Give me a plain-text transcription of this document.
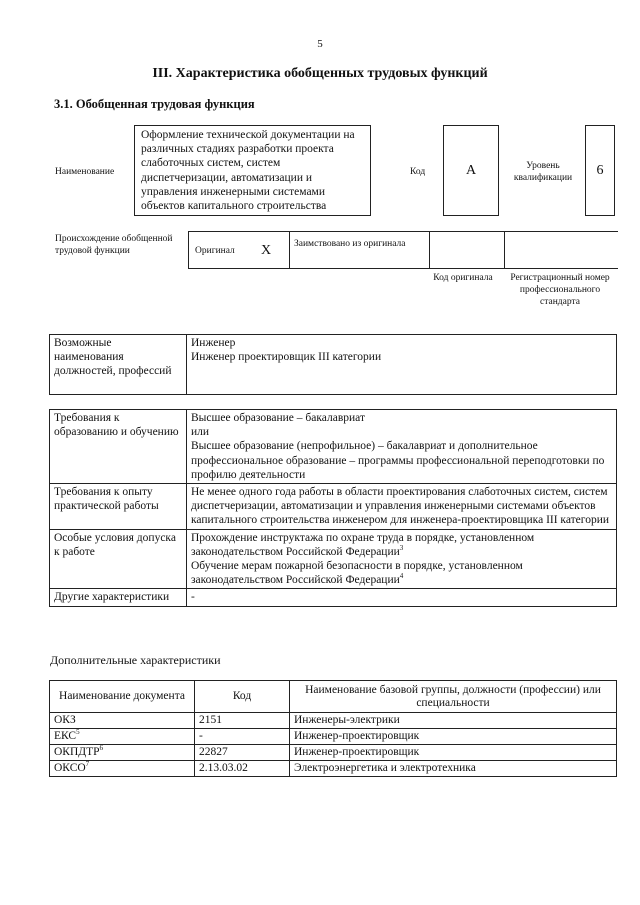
5
III. Характеристика обобщенных трудовых функций
3.1. Обобщенная трудовая функция
Наименование
Оформление технической документации на различных стадиях разработки проекта слаботочных систем, систем диспетчеризации, автоматизации и управления инженерными системами объектов капитального строительства
Код	A	Уровень квалификации
6
Происхождение обобщенной трудовой функции	Оригинал X Заимствовано из оригинала
Код оригинала	Регистрационный номер профессионального стандарта
Возможные наименования должностей, профессий	
Инженер
Инженер проектировщик III категории
Требования к образованию и обучению	Высшее образование – бакалавриат
или
Высшее образование (непрофильное) – бакалавриат и дополнительное профессиональное образование – программы профессиональной переподготовки по профилю деятельности

Требования к опыту практической работы	Не менее одного года работы в области проектирования слаботочных систем, систем диспетчеризации, автоматизации и управления инженерными системами объектов капитального строительства инженером для инженера-проектировщика III категории
Особые условия допуска к работе	Прохождение инструктажа по охране труда в порядке, установленном законодательством Российской Федерации$^3$
Обучение мерам пожарной безопасности в порядке, установленном законодательством Российской Федерации$^4$

Другие характеристики	-
Дополнительные характеристики
Наименование документа	Код	Наименование базовой группы, должности (профессии) или специальности
ОКЗ	2151	Инженеры-электрики
ЕКС$^5$	-	Инженер-проектировщик
ОКПДТР$^6$	22827	Инженер-проектировщик
ОКСО$^7$	2.13.03.02	Электроэнергетика и электротехника
